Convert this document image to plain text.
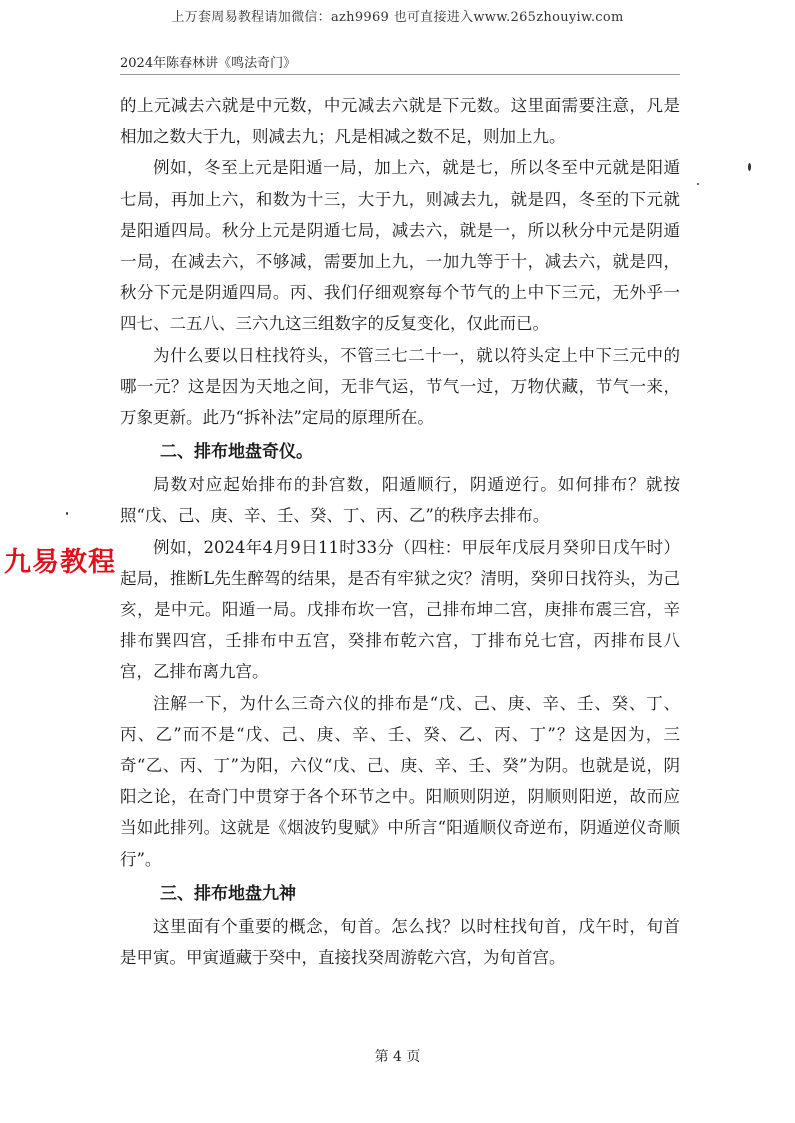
上万套周易教程请加微信：azh9969 也可直接进入www.265zhouyiw.com
2024年陈春林讲《鸣法奇门》

的上元减去六就是中元数，中元减去六就是下元数。这里面需要注意，凡是相加之数大于九，则减去九；凡是相减之数不足，则加上九。

例如，冬至上元是阳遁一局，加上六，就是七，所以冬至中元就是阳遁七局，再加上六，和数为十三，大于九，则减去九，就是四，冬至的下元就是阳遁四局。秋分上元是阴遁七局，减去六，就是一，所以秋分中元是阴遁一局，在减去六，不够减，需要加上九，一加九等于十，减去六，就是四，秋分下元是阴遁四局。丙、我们仔细观察每个节气的上中下三元，无外乎一四七、二五八、三六九这三组数字的反复变化，仅此而已。

为什么要以日柱找符头，不管三七二十一，就以符头定上中下三元中的哪一元？这是因为天地之间，无非气运，节气一过，万物伏藏，节气一来，万象更新。此乃“拆补法”定局的原理所在。

二、排布地盘奇仪。

局数对应起始排布的卦宫数，阳遁顺行，阴遁逆行。如何排布？就按照“戊、己、庚、辛、壬、癸、丁、丙、乙”的秩序去排布。

例如，2024年4月9日11时33分（四柱：甲辰年戊辰月癸卯日戊午时）起局，推断L先生醉驾的结果，是否有牢狱之灾？清明，癸卯日找符头，为己亥，是中元。阳遁一局。戊排布坎一宫，己排布坤二宫，庚排布震三宫，辛排布巽四宫，壬排布中五宫，癸排布乾六宫，丁排布兑七宫，丙排布艮八宫，乙排布离九宫。

注解一下，为什么三奇六仪的排布是“戊、己、庚、辛、壬、癸、丁、丙、乙”而不是“戊、己、庚、辛、壬、癸、乙、丙、丁”？这是因为，三奇“乙、丙、丁”为阳，六仪“戊、己、庚、辛、壬、癸”为阴。也就是说，阴阳之论，在奇门中贯穿于各个环节之中。阳顺则阴逆，阴顺则阳逆，故而应当如此排列。这就是《烟波钓叟赋》中所言“阳遁顺仪奇逆布，阴遁逆仪奇顺行”。

三、排布地盘九神

这里面有个重要的概念，旬首。怎么找？以时柱找旬首，戊午时，旬首是甲寅。甲寅遁藏于癸中，直接找癸周游乾六宫，为旬首宫。

九易教程
第 4 页
